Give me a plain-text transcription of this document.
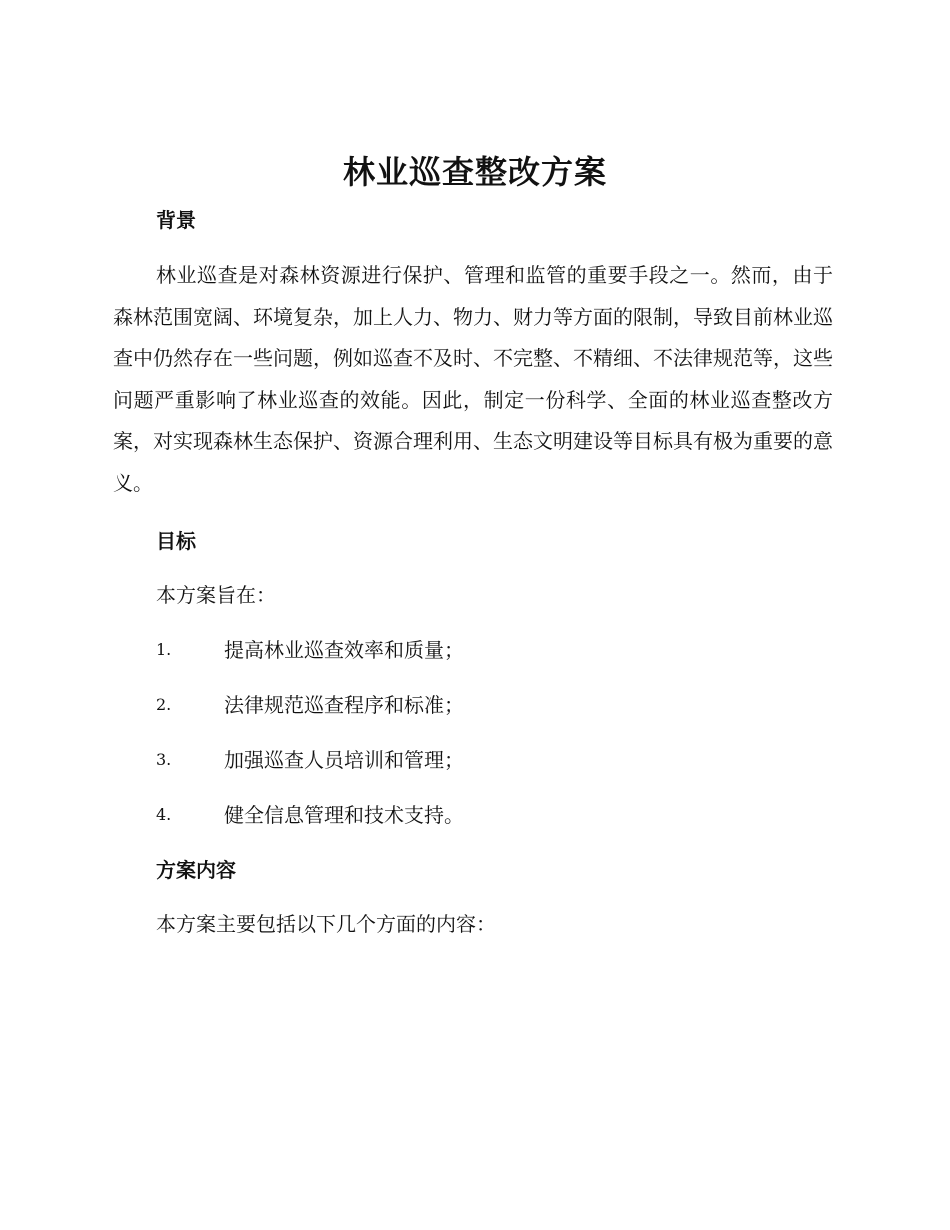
林业巡查整改方案
背景

林业巡查是对森林资源进行保护、管理和监管的重要手段之一。然而，由于森林范围宽阔、环境复杂，加上人力、物力、财力等方面的限制，导致目前林业巡查中仍然存在一些问题，例如巡查不及时、不完整、不精细、不法律规范等，这些问题严重影响了林业巡查的效能。因此，制定一份科学、全面的林业巡查整改方案，对实现森林生态保护、资源合理利用、生态文明建设等目标具有极为重要的意义。

目标

本方案旨在：

1.	提高林业巡查效率和质量；
2.	法律规范巡查程序和标准；
3.	加强巡查人员培训和管理；
4.	健全信息管理和技术支持。
方案内容

本方案主要包括以下几个方面的内容：
